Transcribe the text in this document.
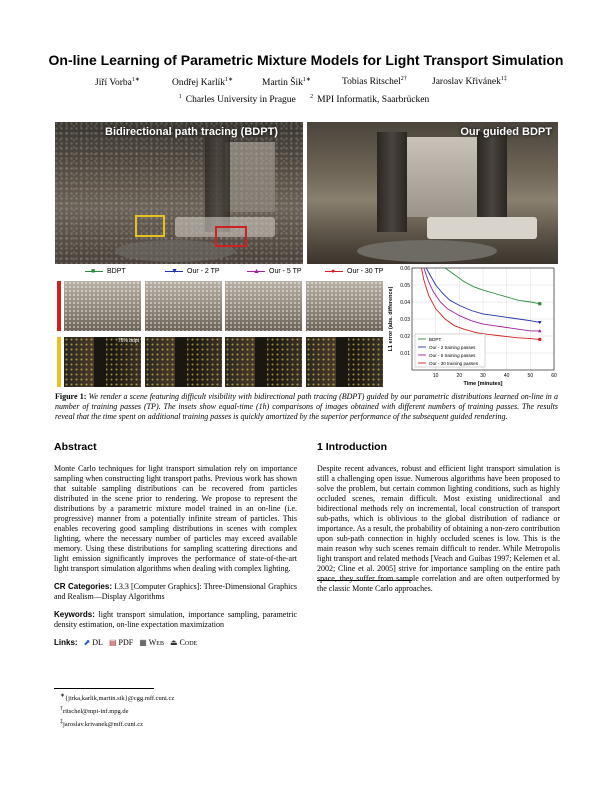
On-line Learning of Parametric Mixture Models for Light Transport Simulation
Jiří Vorba$^{1∗}$	Ondřej Karlík$^{1∗}$	Martin Šik$^{1∗}$	Tobias Ritschel$^{2\dagger}$	Jaroslav Křivánek$^{1\ddagger}$
$^1$ Charles University in Prague $^2$ MPI Informatik, Saarbrücken
Bidirectional path tracing (BDPT)	Our guided BDPT
■ BDPT	▼ Our - 2 TP	▲ Our - 5 TP	● Our - 30 TP
75% bdpt
0.01
0.02
0.03
0.04
0.05
0.06
10	20	30	40	50	60
Time [minutes]
L1 error (abs. difference)	BDPT
Our - 2 training passes
Our - 5 training passes
Our - 30 training passes
Figure 1: We render a scene featuring difficult visibility with bidirectional path tracing (BDPT) guided by our parametric distributions learned on-line in a number of training passes (TP). The insets show equal-time (1h) comparisons of images obtained with different numbers of training passes. The results reveal that the time spent on additional training passes is quickly amortized by the superior performance of the subsequent guided rendering.
Abstract

Monte Carlo techniques for light transport simulation rely on importance sampling when constructing light transport paths. Previous work has shown that suitable sampling distributions can be recovered from particles distributed in the scene prior to rendering. We propose to represent the distributions by a parametric mixture model trained in an on-line (i.e. progressive) manner from a potentially infinite stream of particles. This enables recovering good sampling distributions in scenes with complex lighting, where the necessary number of particles may exceed available memory. Using these distributions for sampling scattering directions and light emission significantly improves the performance of state-of-the-art light transport simulation algorithms when dealing with complex lighting.

CR Categories: I.3.3 [Computer Graphics]: Three-Dimensional Graphics and Realism—Display Algorithms
Keywords: light transport simulation, importance sampling, parametric density estimation, on-line expectation maximization
Links: ⬈ DL ▤ PDF ▦ Web ⏏ Code
1 Introduction

Despite recent advances, robust and efficient light transport simulation is still a challenging open issue. Numerous algorithms have been proposed to solve the problem, but certain common lighting conditions, such as highly occluded scenes, remain difficult. Most existing unidirectional and bidirectional methods rely on incremental, local construction of transport sub-paths, which is oblivious to the global distribution of radiance or importance. As a result, the probability of obtaining a non-zero contribution upon sub-path connection in highly occluded scenes is low. This is the main reason why such scenes remain difficult to render. While Metropolis light transport and related methods [Veach and Guibas 1997; Kelemen et al. 2002; Cline et al. 2005] strive for importance sampling on the entire path space, they suffer from sample correlation and are often outperformed by the classic Monte Carlo approaches.

∗{jirka,karlik,martin.sik}@cgg.mff.cuni.cz
†ritschel@mpi-inf.mpg.de
‡jaroslav.krivanek@mff.cuni.cz
